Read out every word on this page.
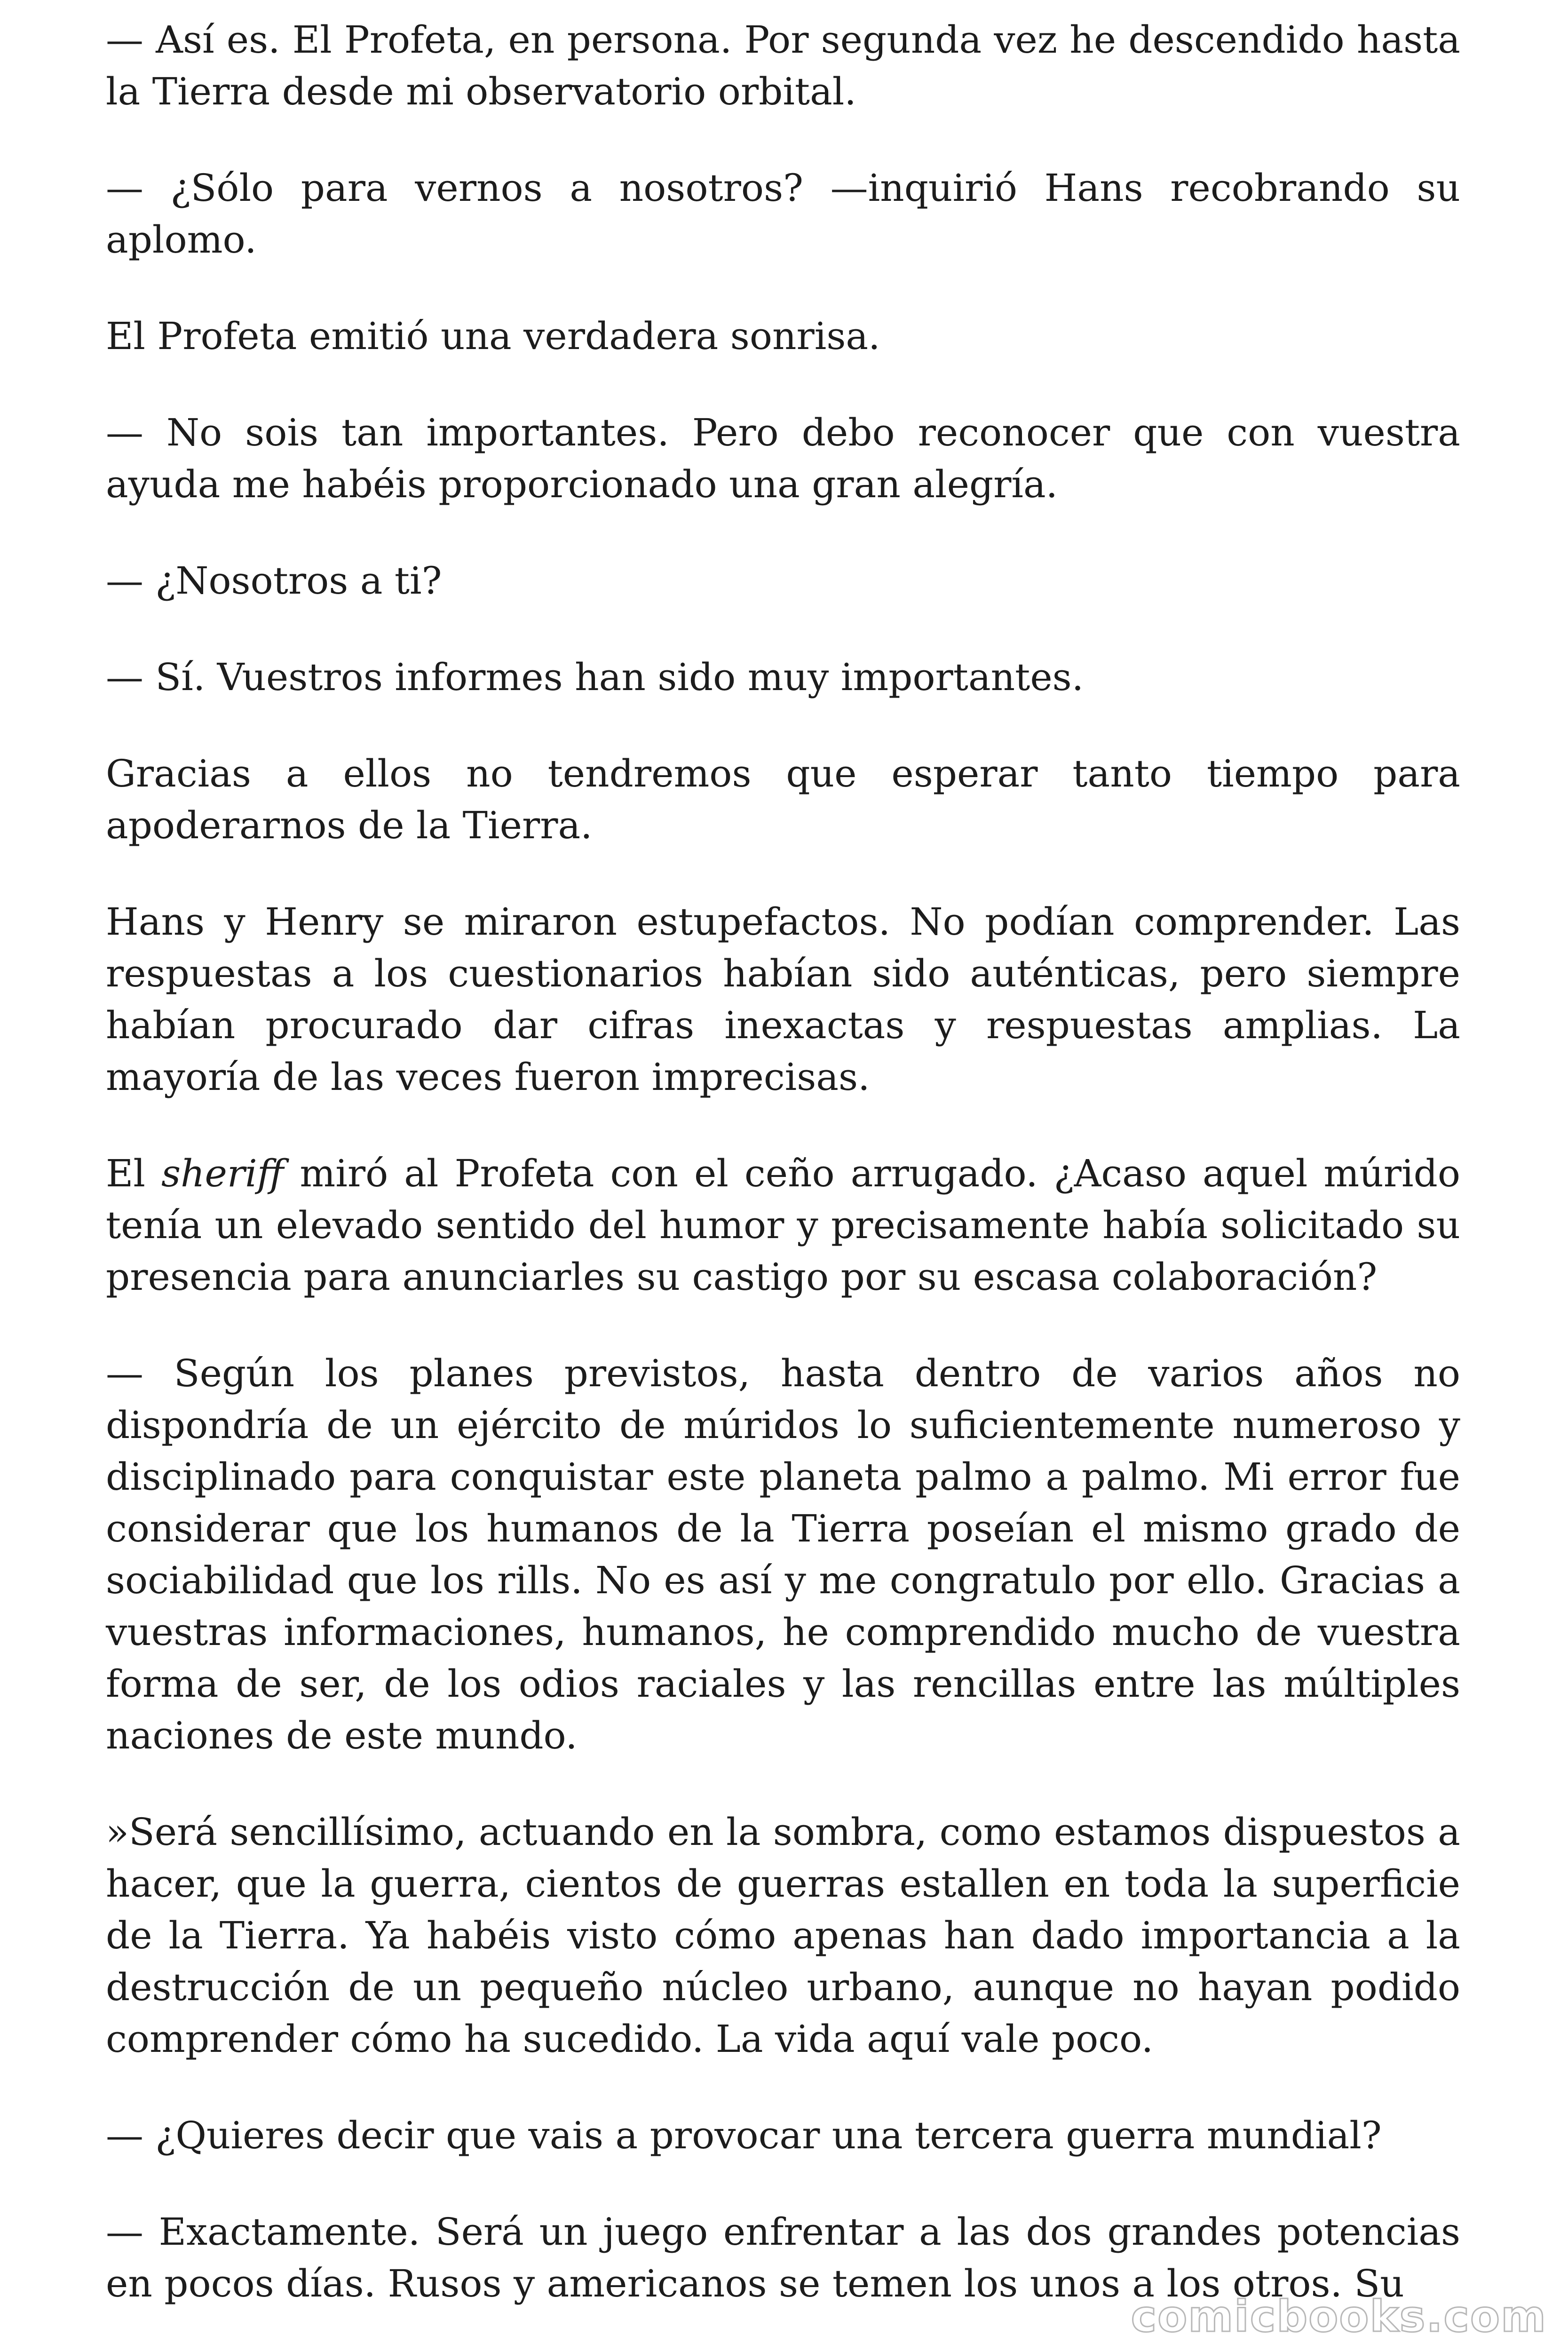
— Así es. El Profeta, en persona. Por segunda vez he descendido hasta la Tierra desde mi observatorio orbital.

— ¿Sólo para vernos a nosotros? —inquirió Hans recobrando su aplomo.

El Profeta emitió una verdadera sonrisa.

— No sois tan importantes. Pero debo reconocer que con vuestra ayuda me habéis proporcionado una gran alegría.

— ¿Nosotros a ti?

— Sí. Vuestros informes han sido muy importantes.

Gracias a ellos no tendremos que esperar tanto tiempo para apoderarnos de la Tierra.

Hans y Henry se miraron estupefactos. No podían comprender. Las respuestas a los cuestionarios habían sido auténticas, pero siempre habían procurado dar cifras inexactas y respuestas amplias. La mayoría de las veces fueron imprecisas.

El sheriff miró al Profeta con el ceño arrugado. ¿Acaso aquel múrido tenía un elevado sentido del humor y precisamente había solicitado su presencia para anunciarles su castigo por su escasa colaboración?

— Según los planes previstos, hasta dentro de varios años no dispondría de un ejército de múridos lo suficientemente numeroso y disciplinado para conquistar este planeta palmo a palmo. Mi error fue considerar que los humanos de la Tierra poseían el mismo grado de sociabilidad que los rills. No es así y me congratulo por ello. Gracias a vuestras informaciones, humanos, he comprendido mucho de vuestra forma de ser, de los odios raciales y las rencillas entre las múltiples naciones de este mundo.

»Será sencillísimo, actuando en la sombra, como estamos dispuestos a hacer, que la guerra, cientos de guerras estallen en toda la superficie de la Tierra. Ya habéis visto cómo apenas han dado importancia a la destrucción de un pequeño núcleo urbano, aunque no hayan podido comprender cómo ha sucedido. La vida aquí vale poco.

— ¿Quieres decir que vais a provocar una tercera guerra mundial?

— Exactamente. Será un juego enfrentar a las dos grandes potencias en pocos días. Rusos y americanos se temen los unos a los otros. Su

comicbooks.com
